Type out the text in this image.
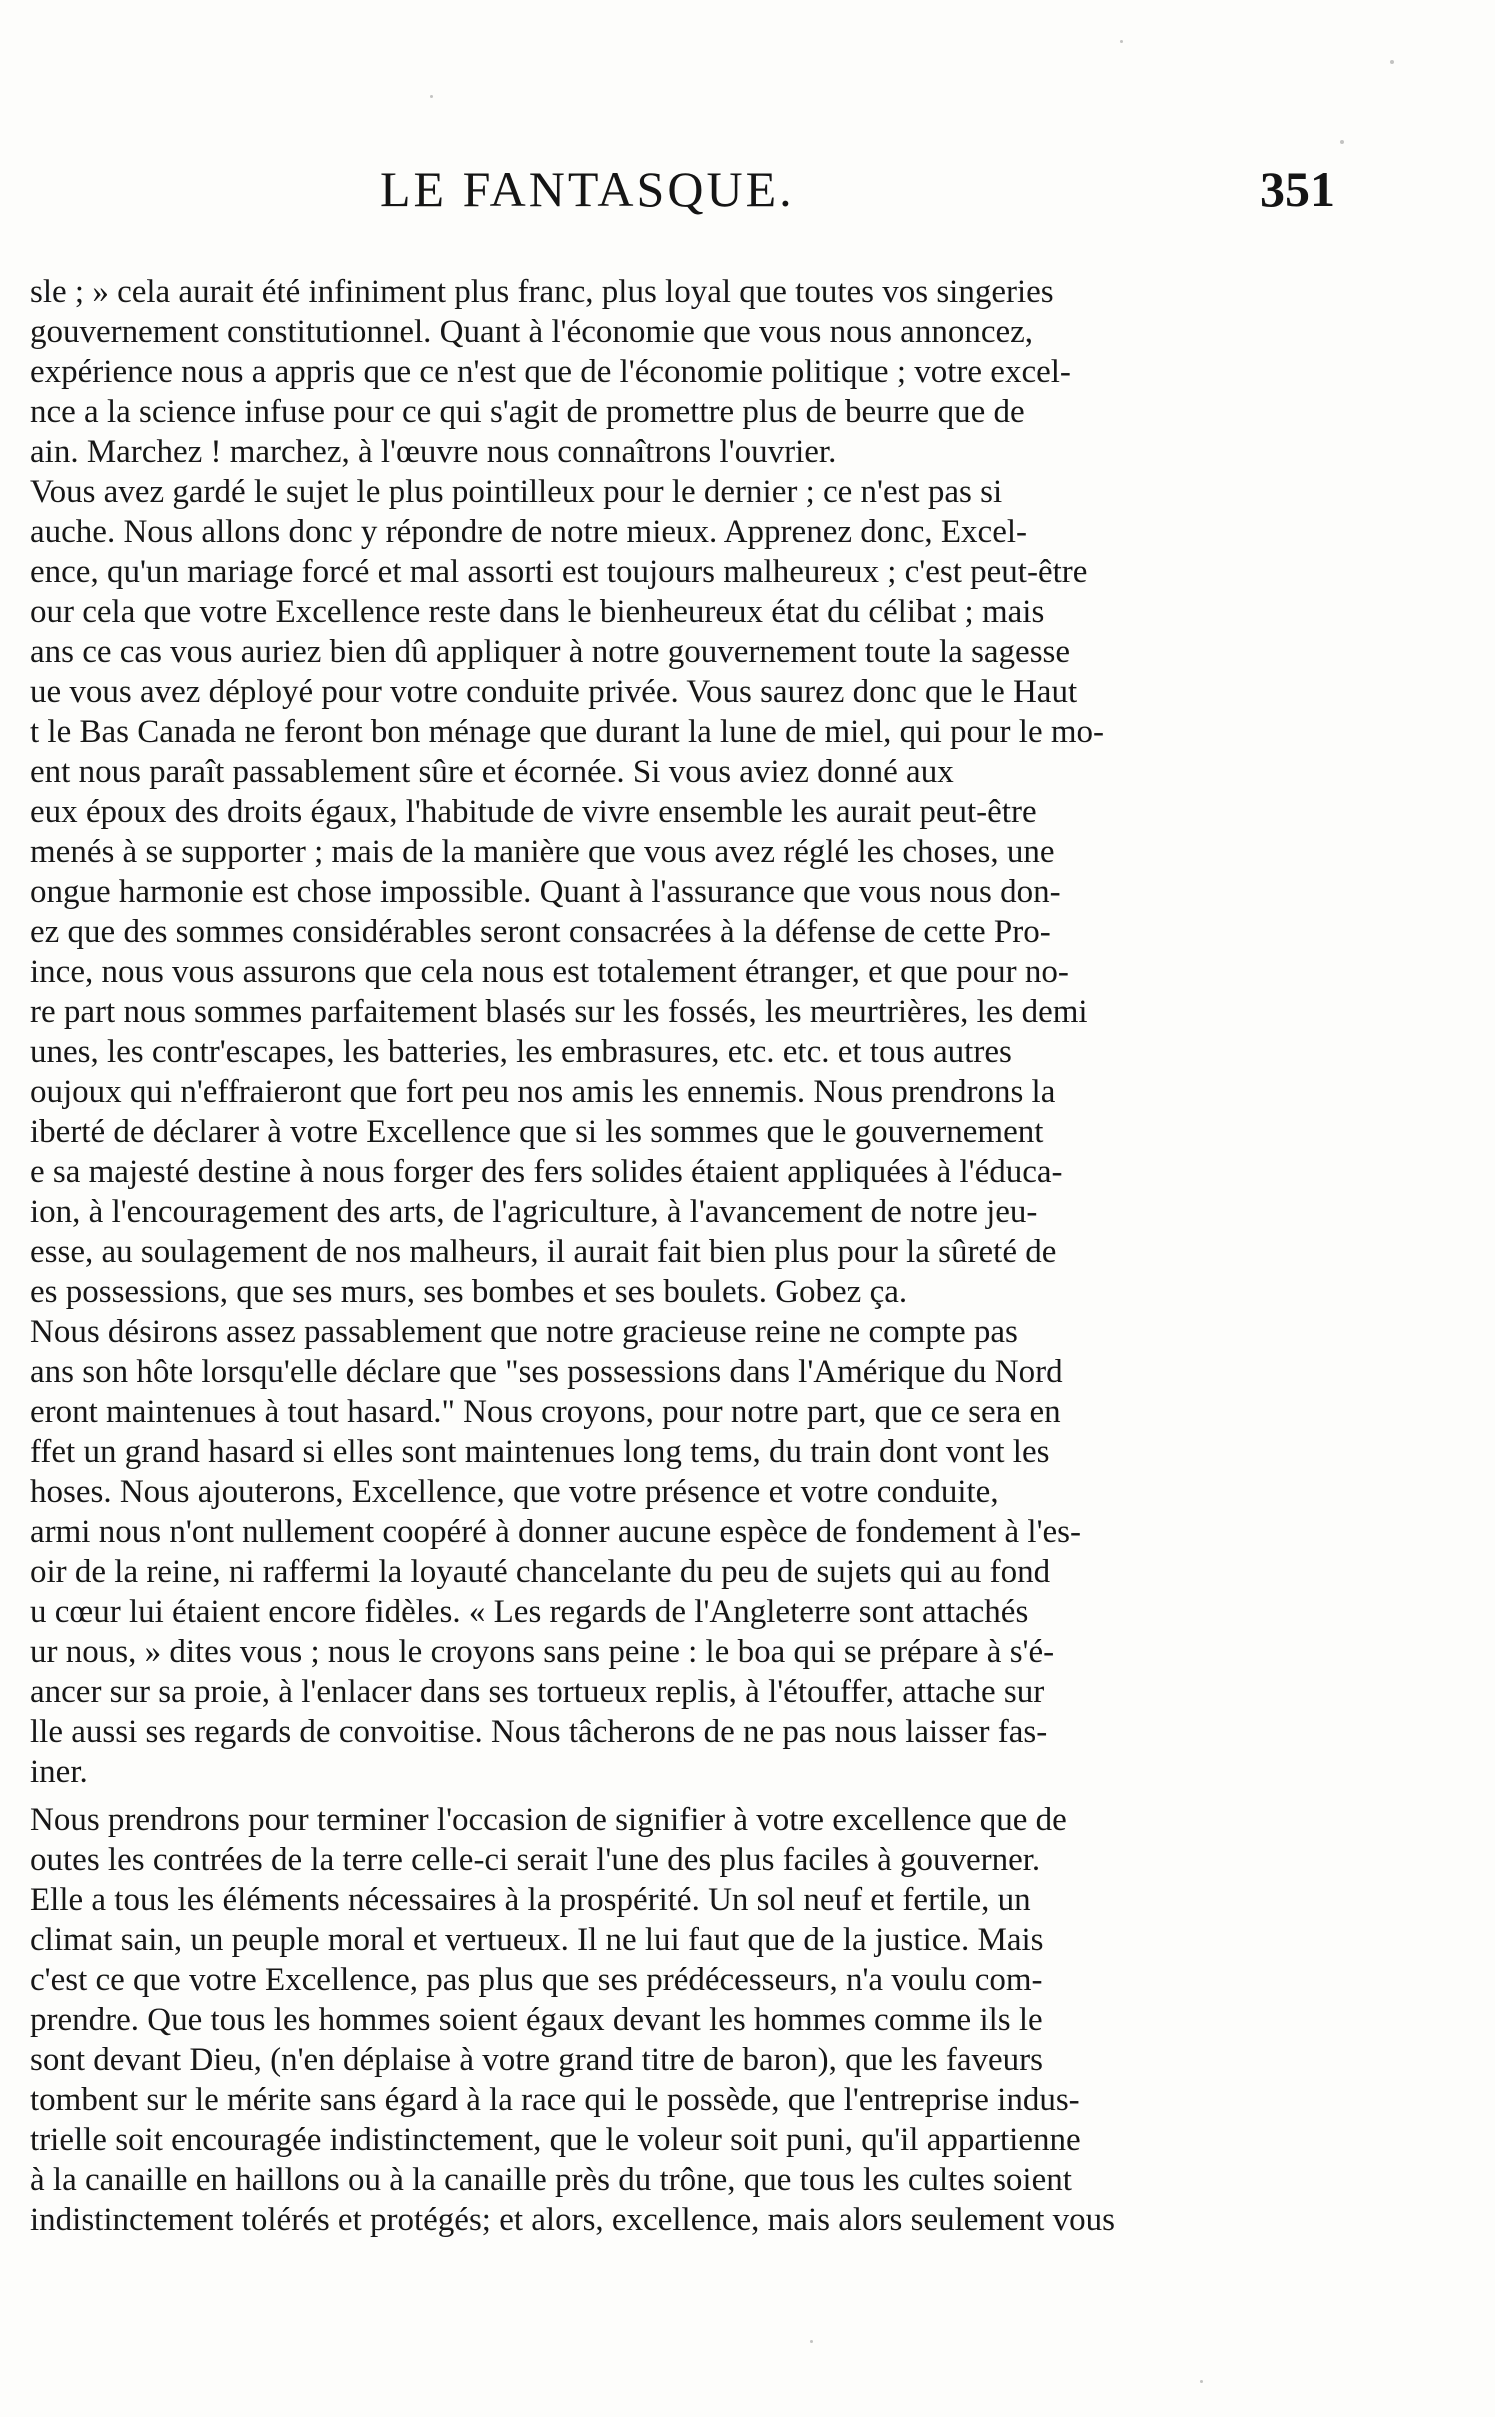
LE FANTASQUE.	351
sle ; » cela aurait été infiniment plus franc, plus loyal que toutes vos singeries
gouvernement constitutionnel. Quant à l'économie que vous nous annoncez,
expérience nous a appris que ce n'est que de l'économie politique ; votre excel-
nce a la science infuse pour ce qui s'agit de promettre plus de beurre que de
ain. Marchez ! marchez, à l'œuvre nous connaîtrons l'ouvrier.
Vous avez gardé le sujet le plus pointilleux pour le dernier ; ce n'est pas si
auche. Nous allons donc y répondre de notre mieux. Apprenez donc, Excel-
ence, qu'un mariage forcé et mal assorti est toujours malheureux ; c'est peut-être
our cela que votre Excellence reste dans le bienheureux état du célibat ; mais
ans ce cas vous auriez bien dû appliquer à notre gouvernement toute la sagesse
ue vous avez déployé pour votre conduite privée. Vous saurez donc que le Haut
t le Bas Canada ne feront bon ménage que durant la lune de miel, qui pour le mo-
ent nous paraît passablement sûre et écornée. Si vous aviez donné aux
eux époux des droits égaux, l'habitude de vivre ensemble les aurait peut-être
menés à se supporter ; mais de la manière que vous avez réglé les choses, une
ongue harmonie est chose impossible. Quant à l'assurance que vous nous don-
ez que des sommes considérables seront consacrées à la défense de cette Pro-
ince, nous vous assurons que cela nous est totalement étranger, et que pour no-
re part nous sommes parfaitement blasés sur les fossés, les meurtrières, les demi
unes, les contr'escapes, les batteries, les embrasures, etc. etc. et tous autres
oujoux qui n'effraieront que fort peu nos amis les ennemis. Nous prendrons la
iberté de déclarer à votre Excellence que si les sommes que le gouvernement
e sa majesté destine à nous forger des fers solides étaient appliquées à l'éduca-
ion, à l'encouragement des arts, de l'agriculture, à l'avancement de notre jeu-
esse, au soulagement de nos malheurs, il aurait fait bien plus pour la sûreté de
es possessions, que ses murs, ses bombes et ses boulets. Gobez ça.
Nous désirons assez passablement que notre gracieuse reine ne compte pas
ans son hôte lorsqu'elle déclare que "ses possessions dans l'Amérique du Nord
eront maintenues à tout hasard." Nous croyons, pour notre part, que ce sera en
ffet un grand hasard si elles sont maintenues long tems, du train dont vont les
hoses. Nous ajouterons, Excellence, que votre présence et votre conduite,
armi nous n'ont nullement coopéré à donner aucune espèce de fondement à l'es-
oir de la reine, ni raffermi la loyauté chancelante du peu de sujets qui au fond
u cœur lui étaient encore fidèles. « Les regards de l'Angleterre sont attachés
ur nous, » dites vous ; nous le croyons sans peine : le boa qui se prépare à s'é-
ancer sur sa proie, à l'enlacer dans ses tortueux replis, à l'étouffer, attache sur
lle aussi ses regards de convoitise. Nous tâcherons de ne pas nous laisser fas-
iner.
Nous prendrons pour terminer l'occasion de signifier à votre excellence que de
outes les contrées de la terre celle-ci serait l'une des plus faciles à gouverner.
Elle a tous les éléments nécessaires à la prospérité. Un sol neuf et fertile, un
climat sain, un peuple moral et vertueux. Il ne lui faut que de la justice. Mais
c'est ce que votre Excellence, pas plus que ses prédécesseurs, n'a voulu com-
prendre. Que tous les hommes soient égaux devant les hommes comme ils le
sont devant Dieu, (n'en déplaise à votre grand titre de baron), que les faveurs
tombent sur le mérite sans égard à la race qui le possède, que l'entreprise indus-
trielle soit encouragée indistinctement, que le voleur soit puni, qu'il appartienne
à la canaille en haillons ou à la canaille près du trône, que tous les cultes soient
indistinctement tolérés et protégés; et alors, excellence, mais alors seulement vous
